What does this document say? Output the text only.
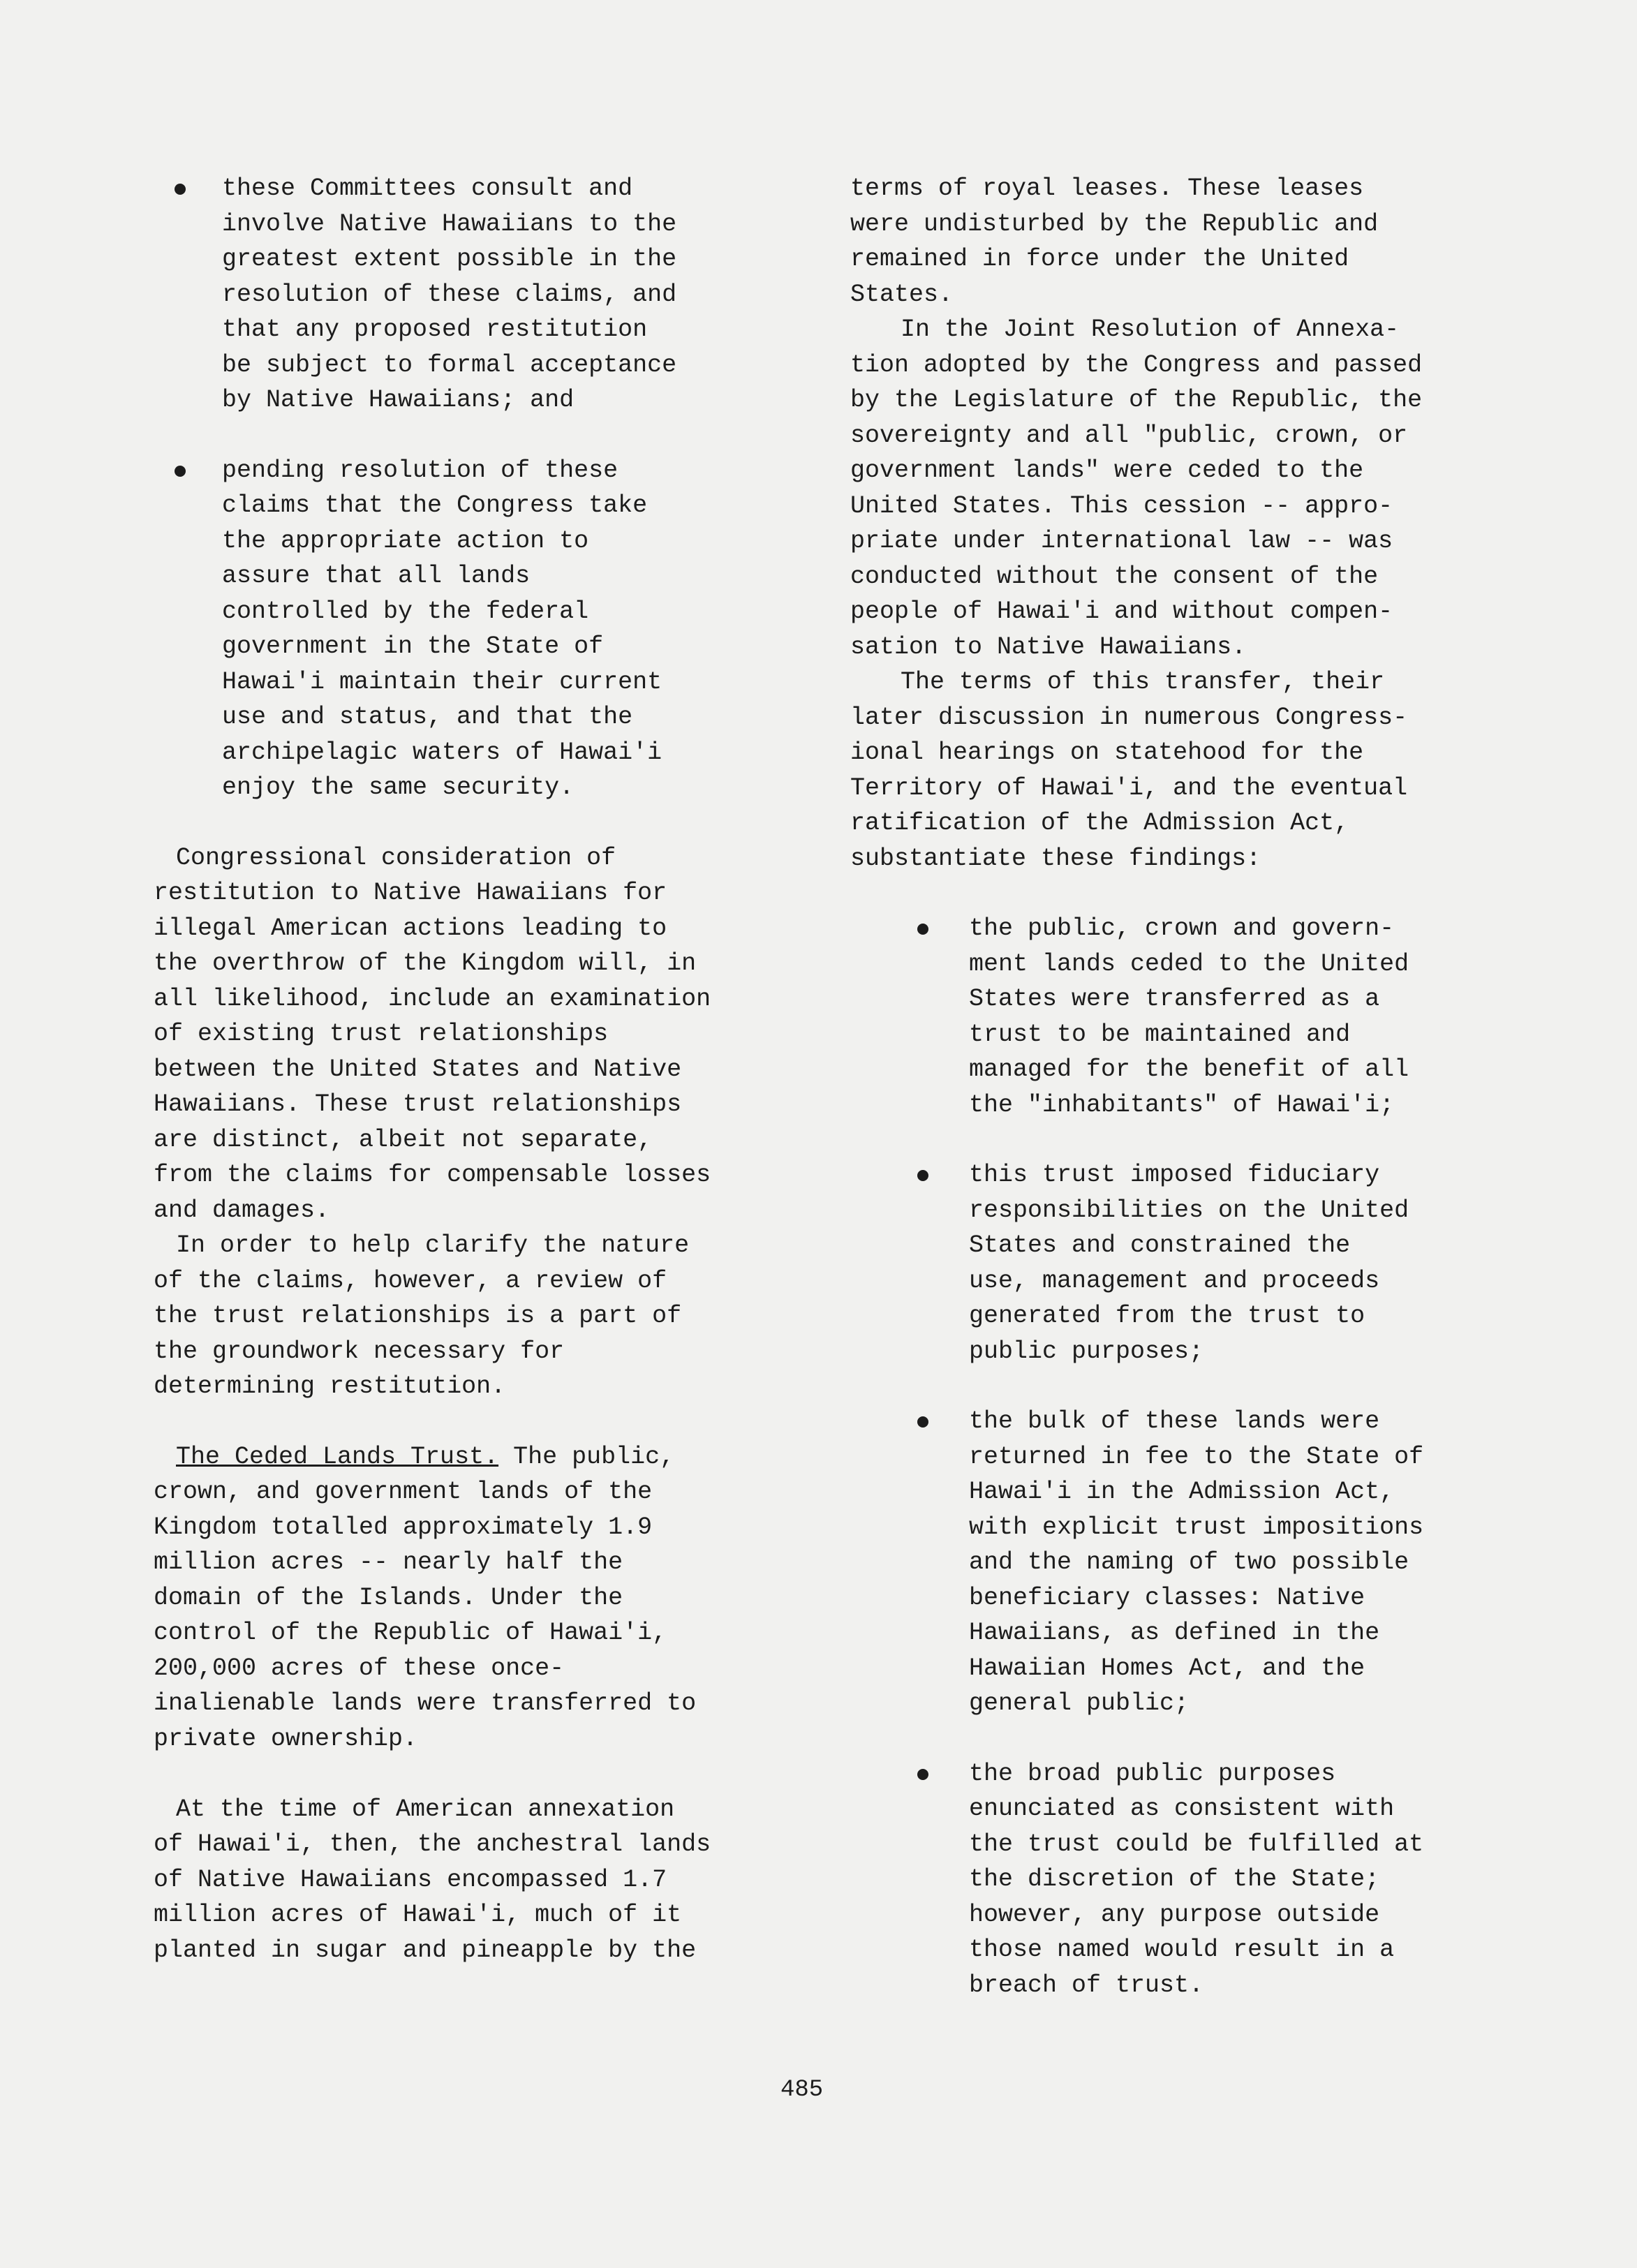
these Committees consult and
involve Native Hawaiians to the
greatest extent possible in the
resolution of these claims, and
that any proposed restitution
be subject to formal acceptance
by Native Hawaiians; and
pending resolution of these
claims that the Congress take
the appropriate action to
assure that all lands
controlled by the federal
government in the State of
Hawai'i maintain their current
use and status, and that the
archipelagic waters of Hawai'i
enjoy the same security.
Congressional consideration of
restitution to Native Hawaiians for
illegal American actions leading to
the overthrow of the Kingdom will, in
all likelihood, include an examination
of existing trust relationships
between the United States and Native
Hawaiians. These trust relationships
are distinct, albeit not separate,
from the claims for compensable losses
and damages.
In order to help clarify the nature
of the claims, however, a review of
the trust relationships is a part of
the groundwork necessary for
determining restitution.
The Ceded Lands Trust. The public,
crown, and government lands of the
Kingdom totalled approximately 1.9
million acres -- nearly half the
domain of the Islands. Under the
control of the Republic of Hawai'i,
200,000 acres of these once-
inalienable lands were transferred to
private ownership.
At the time of American annexation
of Hawai'i, then, the anchestral lands
of Native Hawaiians encompassed 1.7
million acres of Hawai'i, much of it
planted in sugar and pineapple by the
terms of royal leases. These leases
were undisturbed by the Republic and
remained in force under the United
States.
In the Joint Resolution of Annexa-
tion adopted by the Congress and passed
by the Legislature of the Republic, the
sovereignty and all "public, crown, or
government lands" were ceded to the
United States. This cession -- appro-
priate under international law -- was
conducted without the consent of the
people of Hawai'i and without compen-
sation to Native Hawaiians.
The terms of this transfer, their
later discussion in numerous Congress-
ional hearings on statehood for the
Territory of Hawai'i, and the eventual
ratification of the Admission Act,
substantiate these findings:
the public, crown and govern-
ment lands ceded to the United
States were transferred as a
trust to be maintained and
managed for the benefit of all
the "inhabitants" of Hawai'i;
this trust imposed fiduciary
responsibilities on the United
States and constrained the
use, management and proceeds
generated from the trust to
public purposes;
the bulk of these lands were
returned in fee to the State of
Hawai'i in the Admission Act,
with explicit trust impositions
and the naming of two possible
beneficiary classes: Native
Hawaiians, as defined in the
Hawaiian Homes Act, and the
general public;
the broad public purposes
enunciated as consistent with
the trust could be fulfilled at
the discretion of the State;
however, any purpose outside
those named would result in a
breach of trust.
485
